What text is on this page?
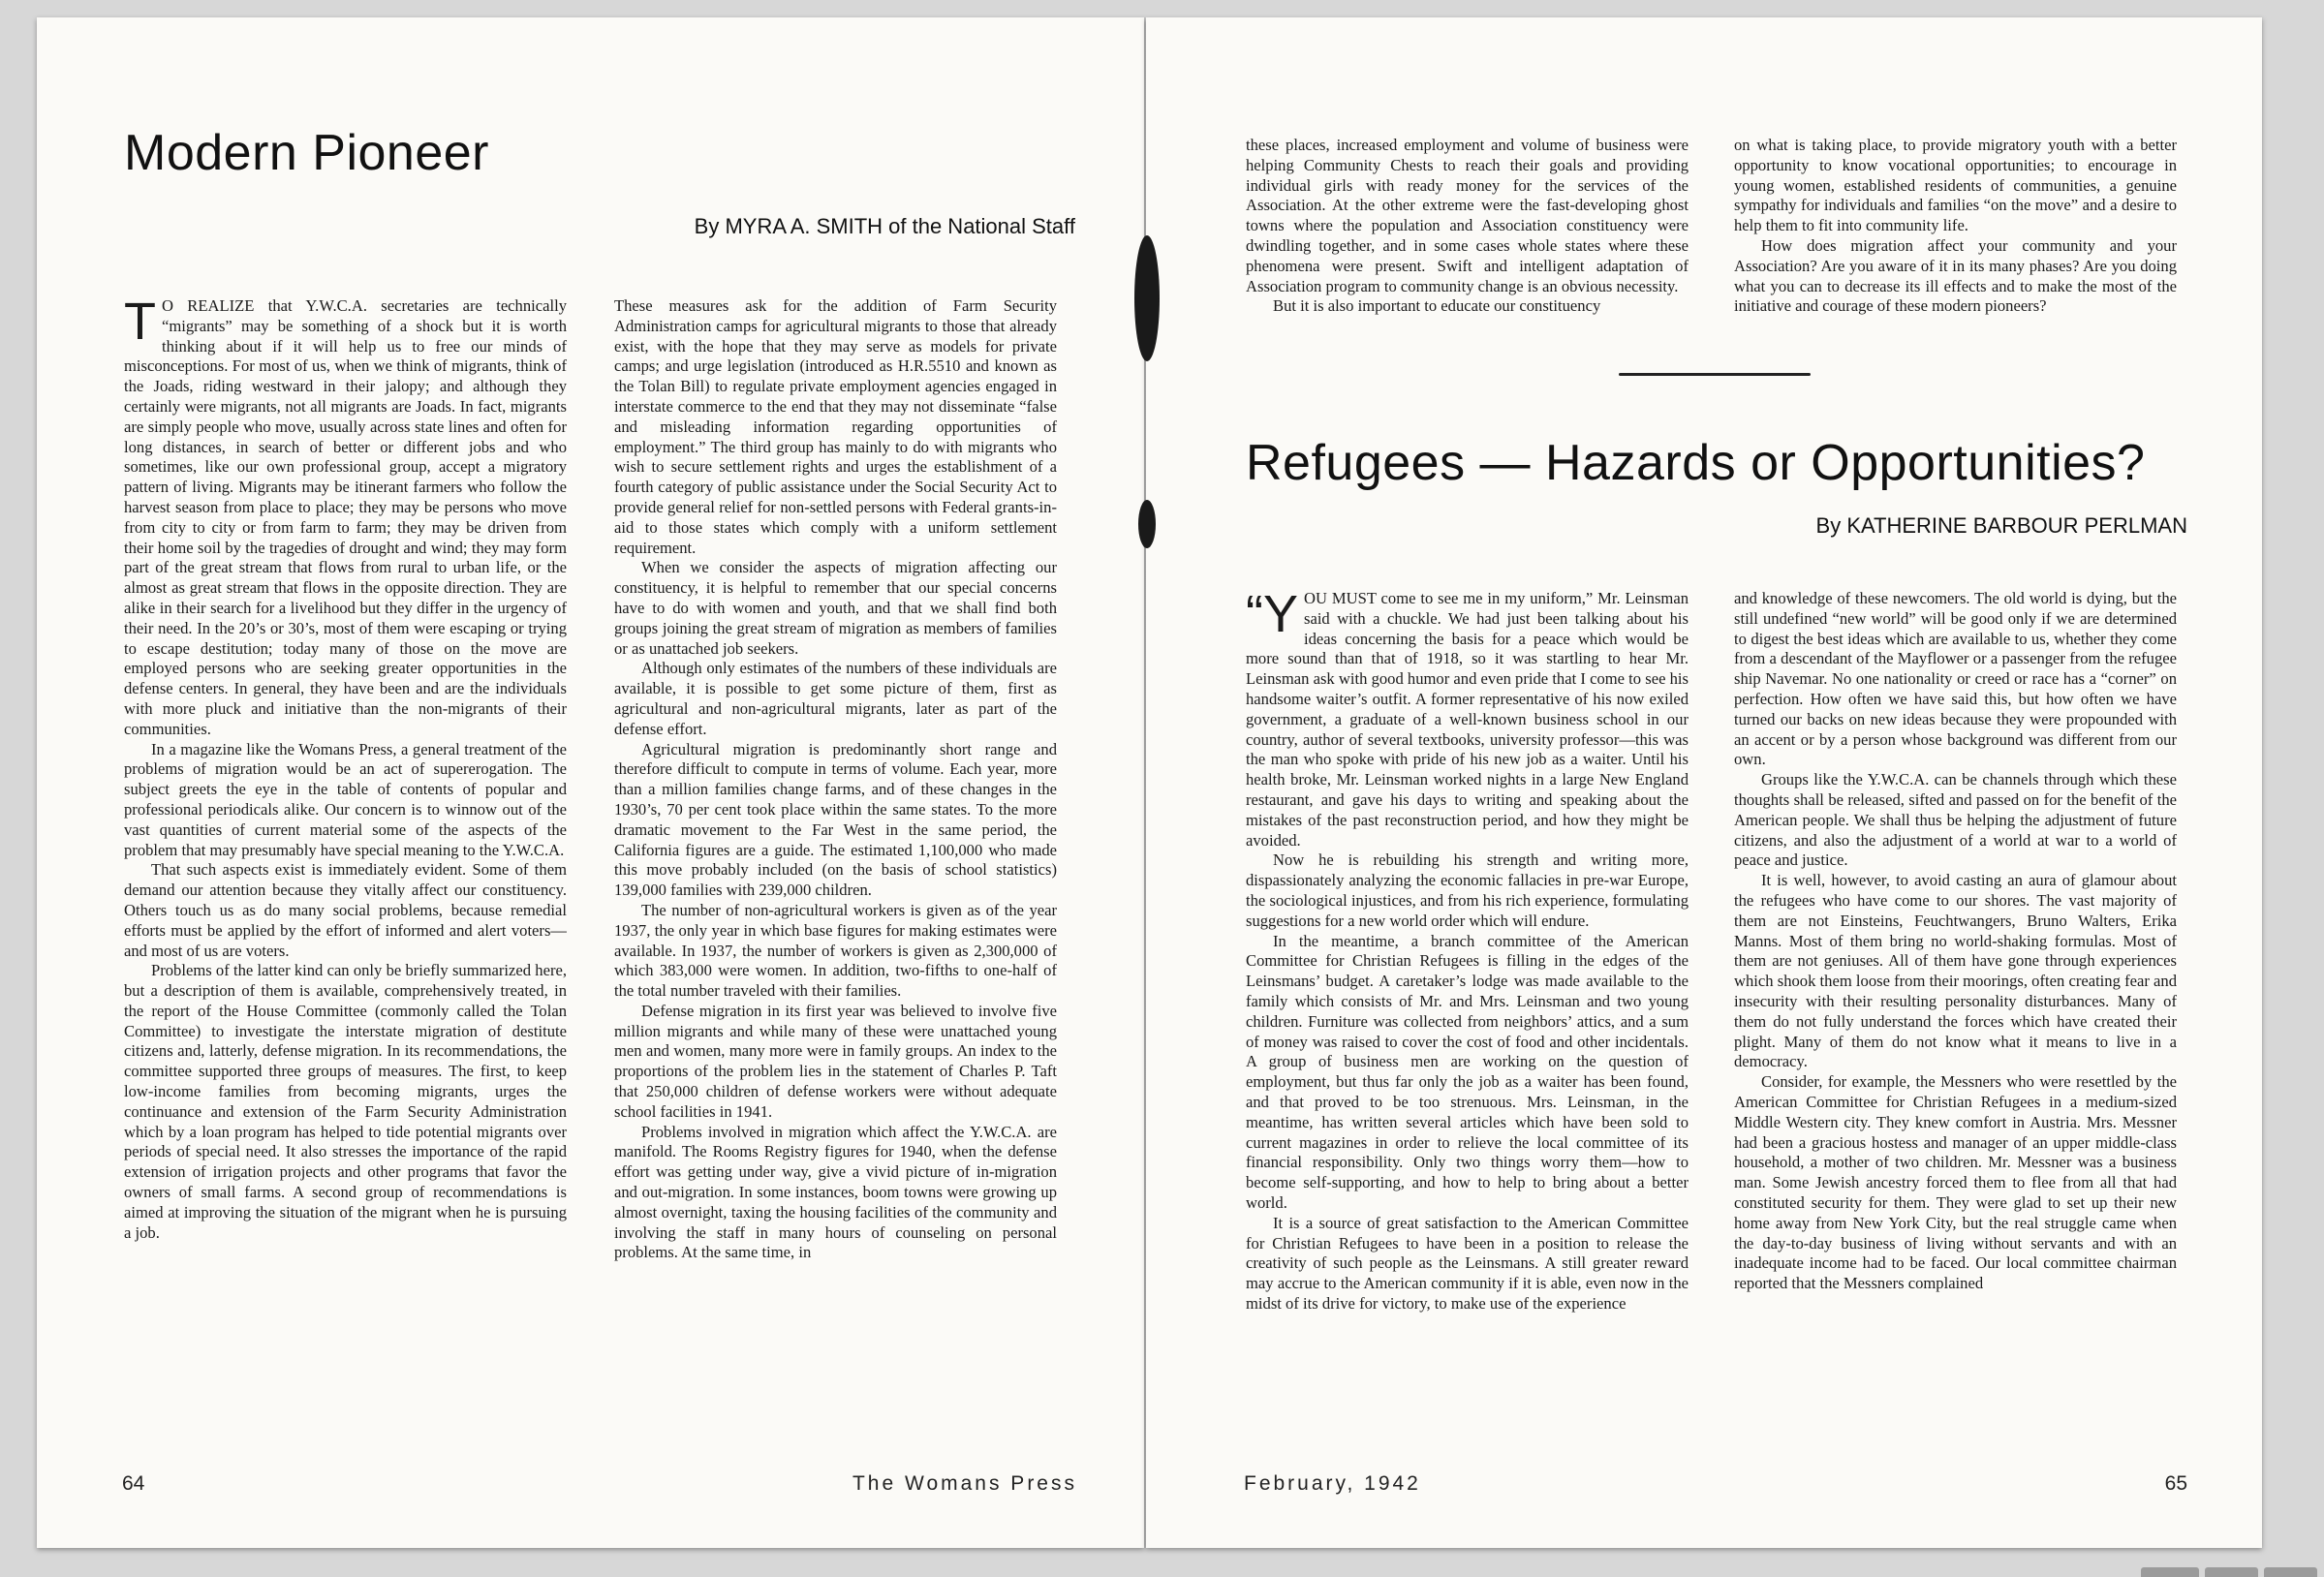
Modern Pioneer
By MYRA A. SMITH of the National Staff

T O REALIZE that Y.W.C.A. secretaries are technically “migrants” may be something of a shock but it is worth thinking about if it will help us to free our minds of misconceptions. For most of us, when we think of migrants, think of the Joads, riding westward in their jalopy; and although they certainly were migrants, not all migrants are Joads. In fact, migrants are simply people who move, usually across state lines and often for long distances, in search of better or different jobs and who sometimes, like our own professional group, accept a migratory pattern of living. Migrants may be itinerant farmers who follow the harvest season from place to place; they may be persons who move from city to city or from farm to farm; they may be driven from their home soil by the tragedies of drought and wind; they may form part of the great stream that flows from rural to urban life, or the almost as great stream that flows in the opposite direction. They are alike in their search for a livelihood but they differ in the urgency of their need. In the 20’s or 30’s, most of them were escaping or trying to escape destitution; today many of those on the move are employed persons who are seeking greater opportunities in the defense centers. In general, they have been and are the individuals with more pluck and initiative than the non-migrants of their communities.

In a magazine like the Womans Press, a general treatment of the problems of migration would be an act of supererogation. The subject greets the eye in the table of contents of popular and professional periodicals alike. Our concern is to winnow out of the vast quantities of current material some of the aspects of the problem that may presumably have special meaning to the Y.W.C.A.

That such aspects exist is immediately evident. Some of them demand our attention because they vitally affect our constituency. Others touch us as do many social problems, because remedial efforts must be applied by the effort of informed and alert voters—and most of us are voters.

Problems of the latter kind can only be briefly summarized here, but a description of them is available, comprehensively treated, in the report of the House Committee (commonly called the Tolan Committee) to investigate the interstate migration of destitute citizens and, latterly, defense migration. In its recommendations, the committee supported three groups of measures. The first, to keep low-income families from becoming migrants, urges the continuance and extension of the Farm Security Administration which by a loan program has helped to tide potential migrants over periods of special need. It also stresses the importance of the rapid extension of irrigation projects and other programs that favor the owners of small farms. A second group of recommendations is aimed at improving the situation of the migrant when he is pursuing a job.

These measures ask for the addition of Farm Security Administration camps for agricultural migrants to those that already exist, with the hope that they may serve as models for private camps; and urge legislation (introduced as H.R.5510 and known as the Tolan Bill) to regulate private employment agencies engaged in interstate commerce to the end that they may not disseminate “false and misleading information regarding opportunities of employment.” The third group has mainly to do with migrants who wish to secure settlement rights and urges the establishment of a fourth category of public assistance under the Social Security Act to provide general relief for non-settled persons with Federal grants-in-aid to those states which comply with a uniform settlement requirement.

When we consider the aspects of migration affecting our constituency, it is helpful to remember that our special concerns have to do with women and youth, and that we shall find both groups joining the great stream of migration as members of families or as unattached job seekers.

Although only estimates of the numbers of these individuals are available, it is possible to get some picture of them, first as agricultural and non-agricultural migrants, later as part of the defense effort.

Agricultural migration is predominantly short range and therefore difficult to compute in terms of volume. Each year, more than a million families change farms, and of these changes in the 1930’s, 70 per cent took place within the same states. To the more dramatic movement to the Far West in the same period, the California figures are a guide. The estimated 1,100,000 who made this move probably included (on the basis of school statistics) 139,000 families with 239,000 children.

The number of non-agricultural workers is given as of the year 1937, the only year in which base figures for making estimates were available. In 1937, the number of workers is given as 2,300,000 of which 383,000 were women. In addition, two-fifths to one-half of the total number traveled with their families.

Defense migration in its first year was believed to involve five million migrants and while many of these were unattached young men and women, many more were in family groups. An index to the proportions of the problem lies in the statement of Charles P. Taft that 250,000 children of defense workers were without adequate school facilities in 1941.

Problems involved in migration which affect the Y.W.C.A. are manifold. The Rooms Registry figures for 1940, when the defense effort was getting under way, give a vivid picture of in-migration and out-migration. In some instances, boom towns were growing up almost overnight, taxing the housing facilities of the community and involving the staff in many hours of counseling on personal problems. At the same time, in

64	The Womans Press

these places, increased employment and volume of business were helping Community Chests to reach their goals and providing individual girls with ready money for the services of the Association. At the other extreme were the fast-developing ghost towns where the population and Association constituency were dwindling together, and in some cases whole states where these phenomena were present. Swift and intelligent adaptation of Association program to community change is an obvious necessity.

But it is also important to educate our constituency

on what is taking place, to provide migratory youth with a better opportunity to know vocational opportunities; to encourage in young women, established residents of communities, a genuine sympathy for individuals and families “on the move” and a desire to help them to fit into community life.

How does migration affect your community and your Association? Are you aware of it in its many phases? Are you doing what you can to decrease its ill effects and to make the most of the initiative and courage of these modern pioneers?

Refugees — Hazards or Opportunities?
By KATHERINE BARBOUR PERLMAN

“YOU MUST come to see me in my uniform,” Mr. Leinsman said with a chuckle. We had just been talking about his ideas concerning the basis for a peace which would be more sound than that of 1918, so it was startling to hear Mr. Leinsman ask with good humor and even pride that I come to see his handsome waiter’s outfit. A former representative of his now exiled government, a graduate of a well-known business school in our country, author of several textbooks, university professor—this was the man who spoke with pride of his new job as a waiter. Until his health broke, Mr. Leinsman worked nights in a large New England restaurant, and gave his days to writing and speaking about the mistakes of the past reconstruction period, and how they might be avoided.

Now he is rebuilding his strength and writing more, dispassionately analyzing the economic fallacies in pre-war Europe, the sociological injustices, and from his rich experience, formulating suggestions for a new world order which will endure.

In the meantime, a branch committee of the American Committee for Christian Refugees is filling in the edges of the Leinsmans’ budget. A caretaker’s lodge was made available to the family which consists of Mr. and Mrs. Leinsman and two young children. Furniture was collected from neighbors’ attics, and a sum of money was raised to cover the cost of food and other incidentals. A group of business men are working on the question of employment, but thus far only the job as a waiter has been found, and that proved to be too strenuous. Mrs. Leinsman, in the meantime, has written several articles which have been sold to current magazines in order to relieve the local committee of its financial responsibility. Only two things worry them—how to become self-supporting, and how to help to bring about a better world.

It is a source of great satisfaction to the American Committee for Christian Refugees to have been in a position to release the creativity of such people as the Leinsmans. A still greater reward may accrue to the American community if it is able, even now in the midst of its drive for victory, to make use of the experience

and knowledge of these newcomers. The old world is dying, but the still undefined “new world” will be good only if we are determined to digest the best ideas which are available to us, whether they come from a descendant of the Mayflower or a passenger from the refugee ship Navemar. No one nationality or creed or race has a “corner” on perfection. How often we have said this, but how often we have turned our backs on new ideas because they were propounded with an accent or by a person whose background was different from our own.

Groups like the Y.W.C.A. can be channels through which these thoughts shall be released, sifted and passed on for the benefit of the American people. We shall thus be helping the adjustment of future citizens, and also the adjustment of a world at war to a world of peace and justice.

It is well, however, to avoid casting an aura of glamour about the refugees who have come to our shores. The vast majority of them are not Einsteins, Feuchtwangers, Bruno Walters, Erika Manns. Most of them bring no world-shaking formulas. Most of them are not geniuses. All of them have gone through experiences which shook them loose from their moorings, often creating fear and insecurity with their resulting personality disturbances. Many of them do not fully understand the forces which have created their plight. Many of them do not know what it means to live in a democracy.

Consider, for example, the Messners who were resettled by the American Committee for Christian Refugees in a medium-sized Middle Western city. They knew comfort in Austria. Mrs. Messner had been a gracious hostess and manager of an upper middle-class household, a mother of two children. Mr. Messner was a business man. Some Jewish ancestry forced them to flee from all that had constituted security for them. They were glad to set up their new home away from New York City, but the real struggle came when the day-to-day business of living without servants and with an inadequate income had to be faced. Our local committee chairman reported that the Messners complained

February, 1942	65
